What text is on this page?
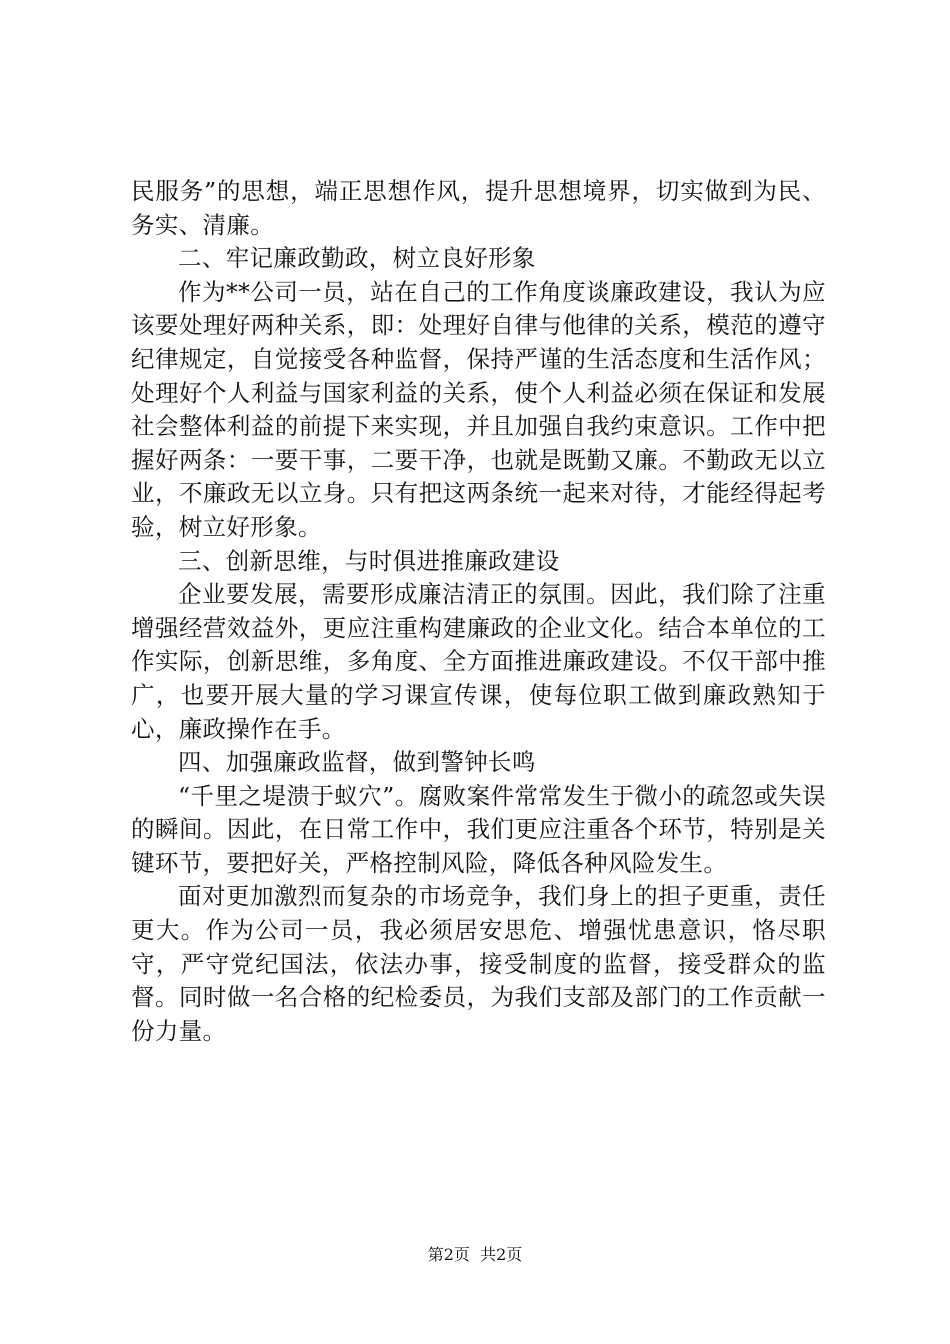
民服务”的思想，端正思想作风，提升思想境界，切实做到为民、务实、清廉。

二、牢记廉政勤政，树立良好形象

作为**公司一员，站在自己的工作角度谈廉政建设，我认为应该要处理好两种关系，即：处理好自律与他律的关系，模范的遵守纪律规定，自觉接受各种监督，保持严谨的生活态度和生活作风；处理好个人利益与国家利益的关系，使个人利益必须在保证和发展社会整体利益的前提下来实现，并且加强自我约束意识。工作中把握好两条：一要干事，二要干净，也就是既勤又廉。不勤政无以立业，不廉政无以立身。只有把这两条统一起来对待，才能经得起考验，树立好形象。

三、创新思维，与时俱进推廉政建设

企业要发展，需要形成廉洁清正的氛围。因此，我们除了注重增强经营效益外，更应注重构建廉政的企业文化。结合本单位的工作实际，创新思维，多角度、全方面推进廉政建设。不仅干部中推广，也要开展大量的学习课宣传课，使每位职工做到廉政熟知于心，廉政操作在手。

四、加强廉政监督，做到警钟长鸣

“千里之堤溃于蚁穴”。腐败案件常常发生于微小的疏忽或失误的瞬间。因此，在日常工作中，我们更应注重各个环节，特别是关键环节，要把好关，严格控制风险，降低各种风险发生。

面对更加激烈而复杂的市场竞争，我们身上的担子更重，责任更大。作为公司一员，我必须居安思危、增强忧患意识，恪尽职守，严守党纪国法，依法办事，接受制度的监督，接受群众的监督。同时做一名合格的纪检委员，为我们支部及部门的工作贡献一份力量。

第2页  共2页
